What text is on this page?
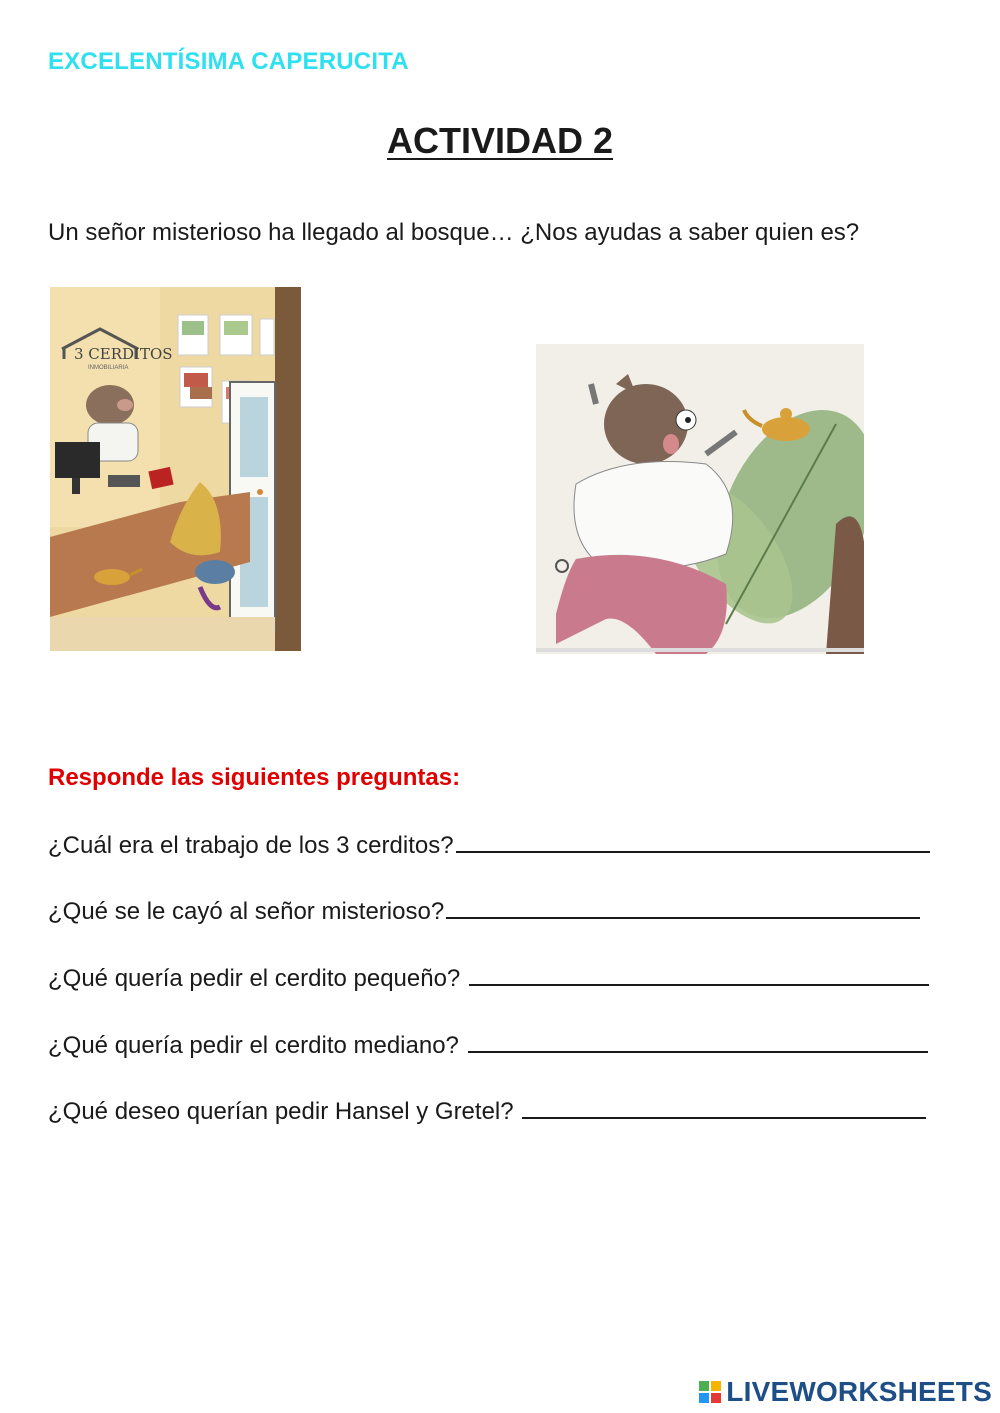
EXCELENTÍSIMA CAPERUCITA
ACTIVIDAD 2
Un señor misterioso ha llegado al bosque… ¿Nos ayudas a saber quien es?
3 CERDITOS
INMOBILIARIA
Responde las siguientes preguntas:
¿Cuál era el trabajo de los 3 cerditos?
¿Qué se le cayó al señor misterioso?
¿Qué quería pedir el cerdito pequeño?
¿Qué quería pedir el cerdito mediano?
¿Qué deseo querían pedir Hansel y Gretel?
LIVEWORKSHEETS
